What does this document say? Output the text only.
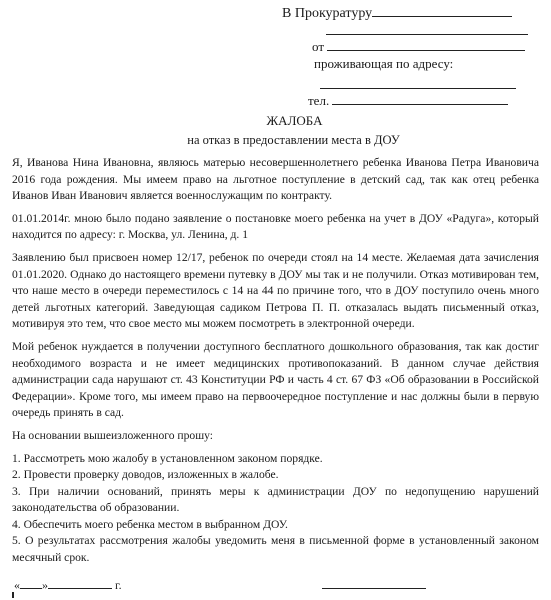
В Прокуратуру
от
проживающая по адресу:
тел.
ЖАЛОБА
на отказ в предоставлении места в ДОУ

Я, Иванова Нина Ивановна, являюсь матерью несовершеннолетнего ребенка Иванова Петра Ивановича 2016 года рождения. Мы имеем право на льготное поступление в детский сад, так как отец ребенка Иванов Иван Иванович является военнослужащим по контракту.

01.01.2014г. мною было подано заявление о постановке моего ребенка на учет в ДОУ «Радуга», который находится по адресу: г. Москва, ул. Ленина, д. 1

Заявлению был присвоен номер 12/17, ребенок по очереди стоял на 14 месте. Желаемая дата зачисления 01.01.2020. Однако до настоящего времени путевку в ДОУ мы так и не получили. Отказ мотивирован тем, что наше место в очереди переместилось с 14 на 44 по причине того, что в ДОУ поступило очень много детей льготных категорий. Заведующая садиком Петрова П. П. отказалась выдать письменный отказ, мотивируя это тем, что свое место мы можем посмотреть в электронной очереди.

Мой ребенок нуждается в получении доступного бесплатного дошкольного образования, так как достиг необходимого возраста и не имеет медицинских противопоказаний. В данном случае действия администрации сада нарушают ст. 43 Конституции РФ и часть 4 ст. 67 ФЗ «Об образовании в Российской Федерации». Кроме того, мы имеем право на первоочередное поступление и нас должны были в первую очередь принять в сад.

На основании вышеизложенного прошу:

1. Рассмотреть мою жалобу в установленном законом порядке.
2. Провести проверку доводов, изложенных в жалобе.
3. При наличии оснований, принять меры к администрации ДОУ по недопущению нарушений законодательства об образовании.
4. Обеспечить моего ребенка местом в выбранном ДОУ.
5. О результатах рассмотрения жалобы уведомить меня в письменной форме в установленный законом месячный срок.
« »	г.
